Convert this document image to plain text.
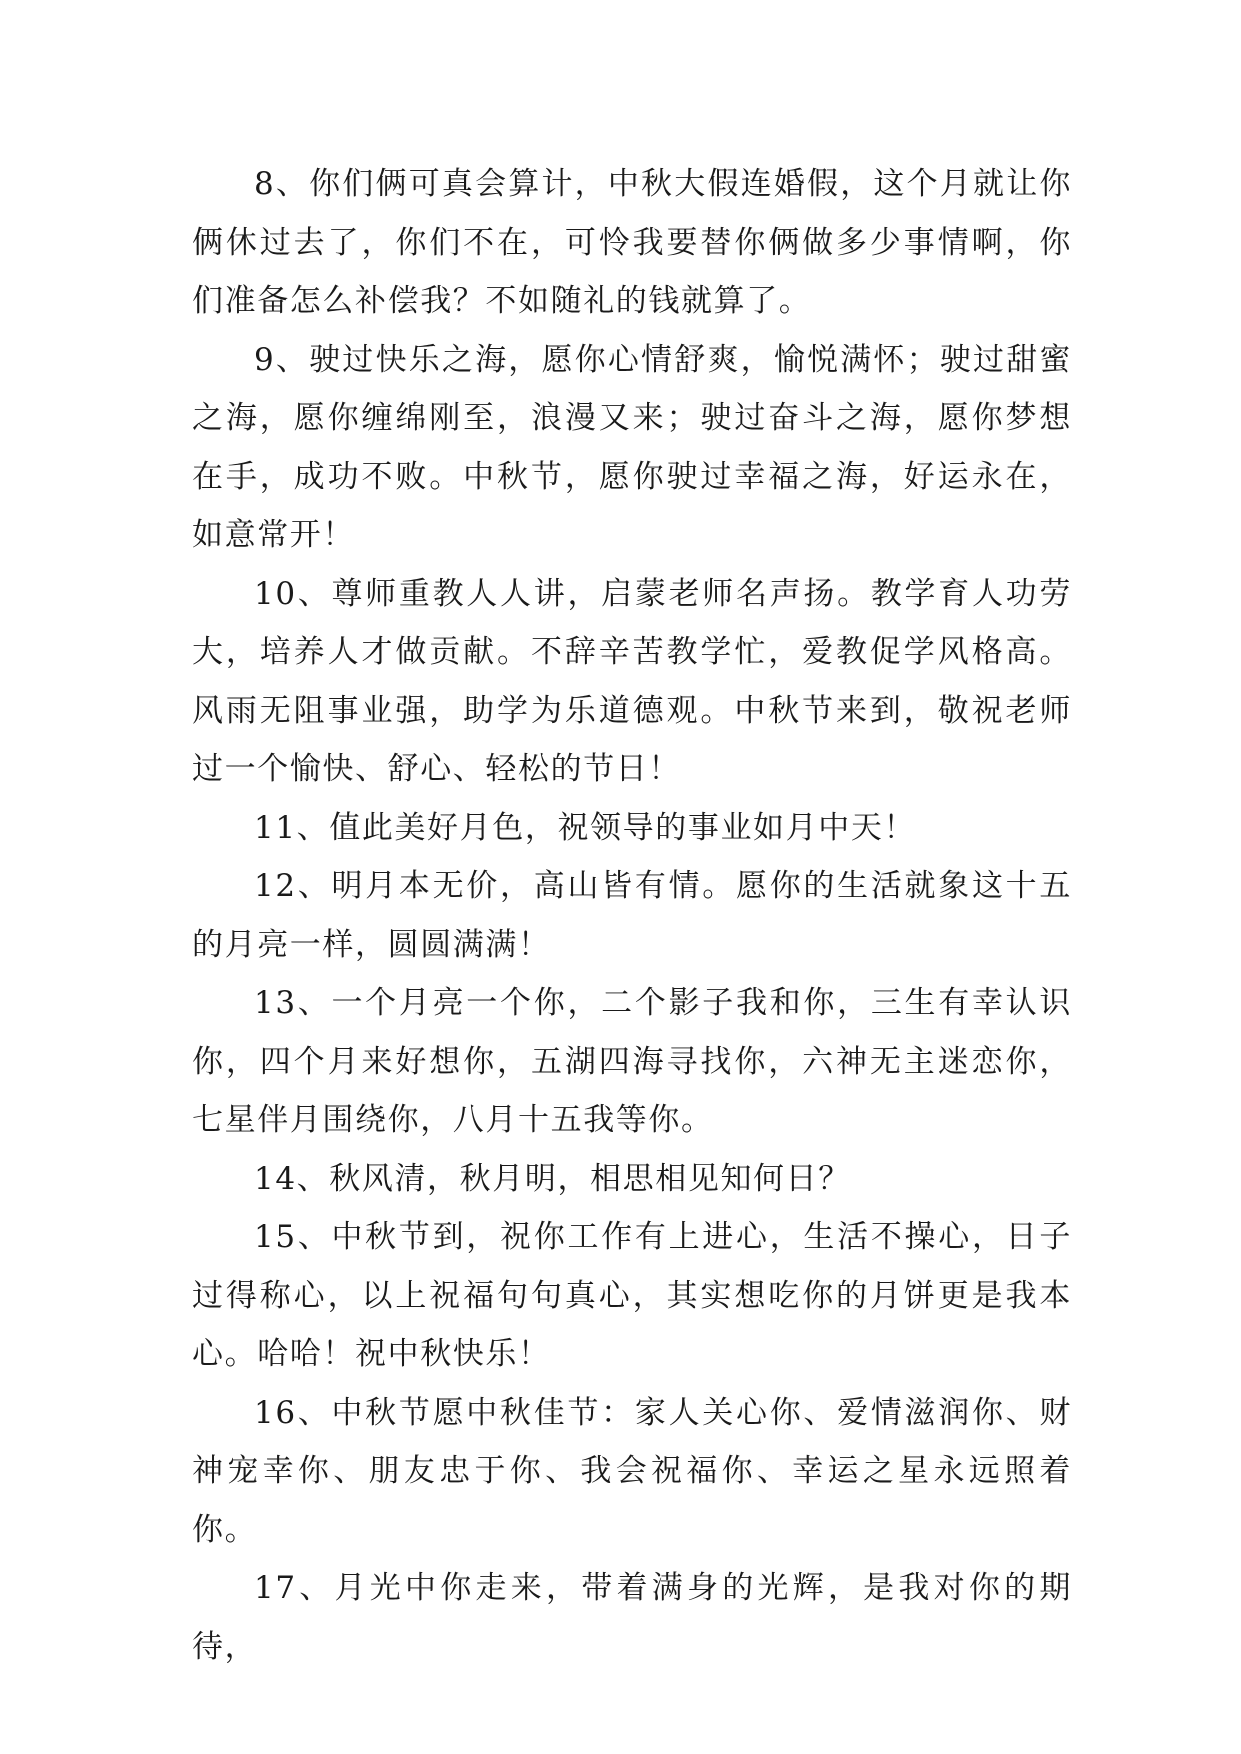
8、你们俩可真会算计，中秋大假连婚假，这个月就让你俩休过去了，你们不在，可怜我要替你俩做多少事情啊，你们准备怎么补偿我？不如随礼的钱就算了。

9、驶过快乐之海，愿你心情舒爽，愉悦满怀；驶过甜蜜之海，愿你缠绵刚至，浪漫又来；驶过奋斗之海，愿你梦想在手，成功不败。中秋节，愿你驶过幸福之海，好运永在，如意常开！

10、尊师重教人人讲，启蒙老师名声扬。教学育人功劳大，培养人才做贡献。不辞辛苦教学忙，爱教促学风格高。风雨无阻事业强，助学为乐道德观。中秋节来到，敬祝老师过一个愉快、舒心、轻松的节日！

11、值此美好月色，祝领导的事业如月中天！

12、明月本无价，高山皆有情。愿你的生活就象这十五的月亮一样，圆圆满满！

13、一个月亮一个你，二个影子我和你，三生有幸认识你，四个月来好想你，五湖四海寻找你，六神无主迷恋你，七星伴月围绕你，八月十五我等你。

14、秋风清，秋月明，相思相见知何日？

15、中秋节到，祝你工作有上进心，生活不操心，日子过得称心，以上祝福句句真心，其实想吃你的月饼更是我本心。哈哈！祝中秋快乐！

16、中秋节愿中秋佳节：家人关心你、爱情滋润你、财神宠幸你、朋友忠于你、我会祝福你、幸运之星永远照着你。

17、月光中你走来，带着满身的光辉，是我对你的期待，
